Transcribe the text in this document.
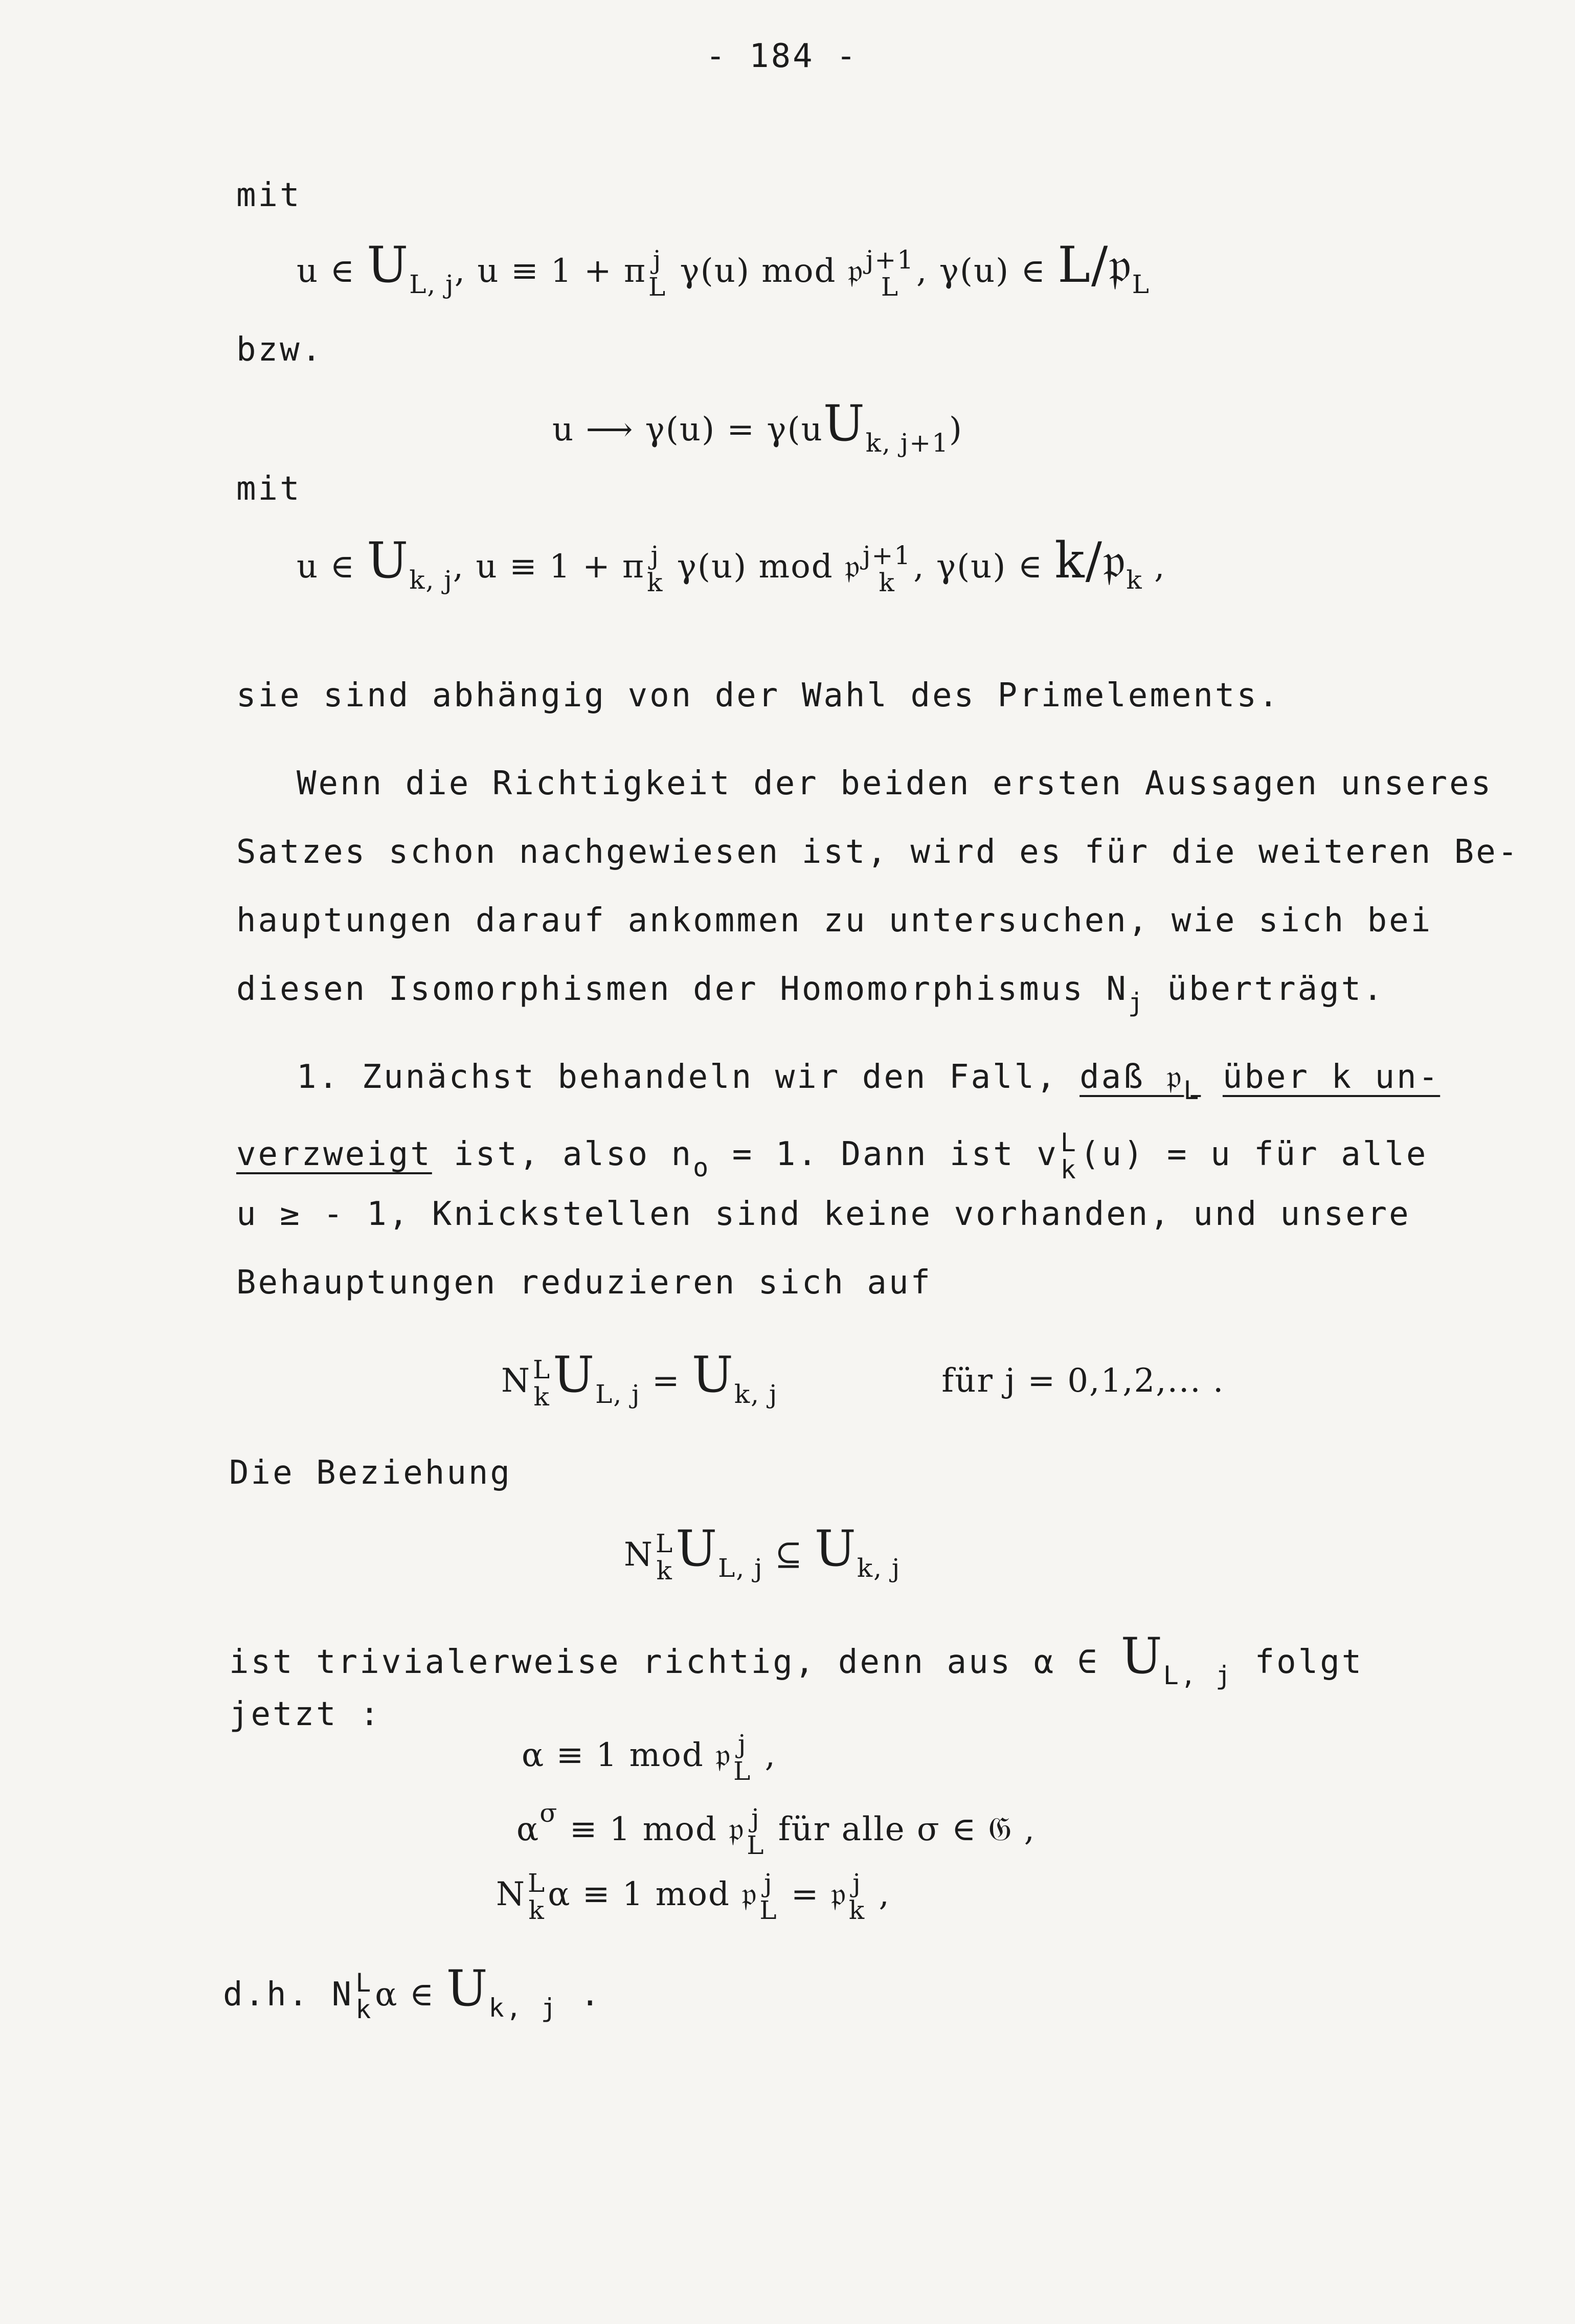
- 184 -
mit
u ∈ $U_{L, j}$, u ≡ 1 + π j
L γ(u) mod 𝔭 j+1
L , γ(u) ∈ L/𝔭$_L$
bzw.
u ⟶ $\gamma(u) = \gamma(uU_{k, j+1})$
mit
u ∈ $U_{k, j}$, u ≡ 1 + π j
k γ(u) mod 𝔭 j+1
k , γ(u) ∈ k/𝔭$_k$ ,
sie sind abhängig von der Wahl des Primelements.
Wenn die Richtigkeit der beiden ersten Aussagen unseres
Satzes schon nachgewiesen ist, wird es für die weiteren Be-
hauptungen darauf ankommen zu untersuchen, wie sich bei
diesen Isomorphismen der Homomorphismus $N_j$ überträgt.
1. Zunächst behandeln wir den Fall, daß 𝔭$_L$ über k un-
verzweigt ist, also $n_o = 1$. Dann ist v L
k (u) = u für alle
u ≥ - 1, Knickstellen sind keine vorhanden, und unsere
Behauptungen reduzieren sich auf
N L
k $U_{L, j} = U_{k, j}$	für j = 0,1,2,... .
Die Beziehung
N L
k $U_{L, j}$ ⊆ $U_{k, j}$
ist trivialerweise richtig, denn aus α ∈ $U_{L, j}$ folgt
jetzt :
α ≡ 1 mod 𝔭 j
L ,
$\alpha^\sigma \equiv 1$ mod 𝔭 j
L für alle σ ∈ 𝔊 ,
N L
k α ≡ 1 mod 𝔭 j
L = 𝔭 j
k ,
d.h. N L
k α ∈ $U_{k, j}$ .
